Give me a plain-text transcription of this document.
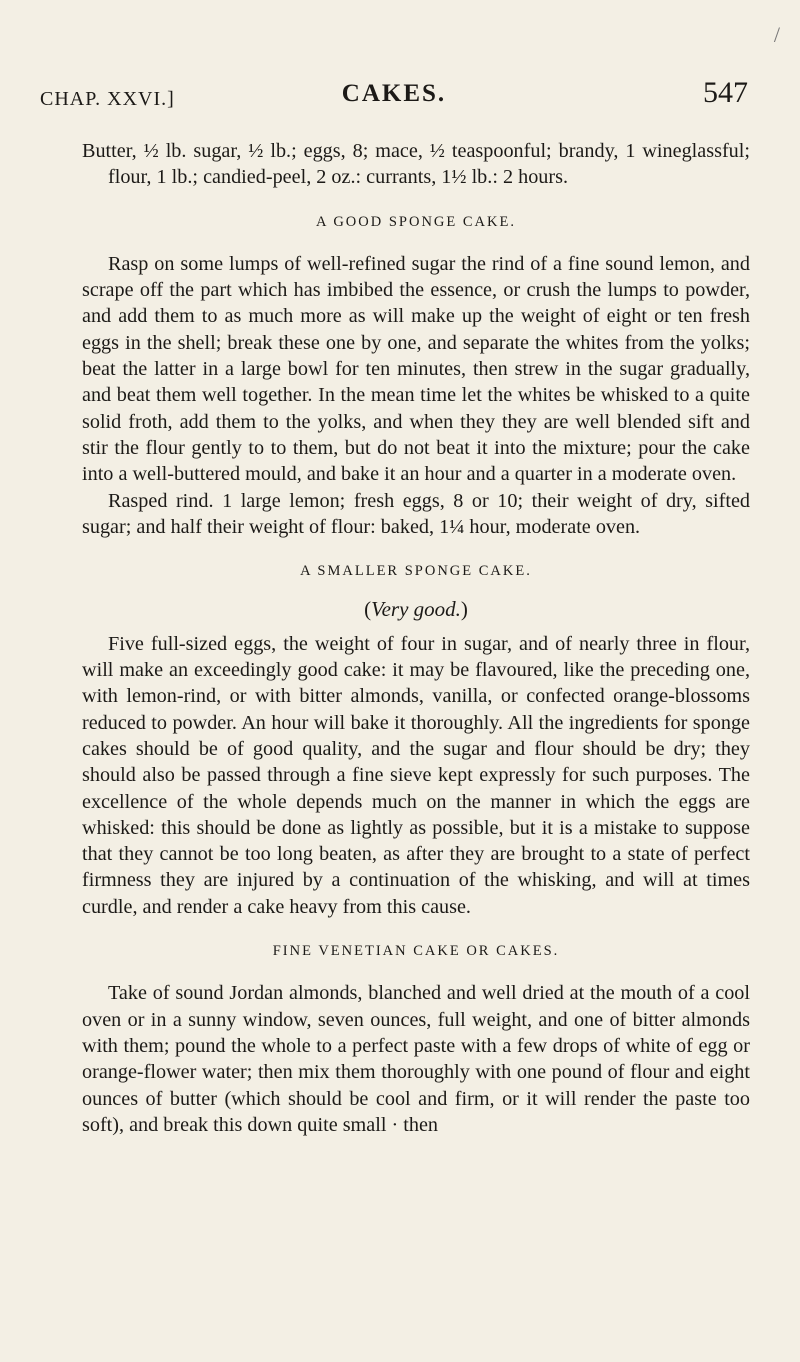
/
CHAP. XXVI.]	CAKES.	547

Butter, ½ lb. sugar, ½ lb.; eggs, 8; mace, ½ teaspoonful; brandy, 1 wineglassful; flour, 1 lb.; candied-peel, 2 oz.: currants, 1½ lb.: 2 hours.

A GOOD SPONGE CAKE.

Rasp on some lumps of well-refined sugar the rind of a fine sound lemon, and scrape off the part which has imbibed the essence, or crush the lumps to powder, and add them to as much more as will make up the weight of eight or ten fresh eggs in the shell; break these one by one, and separate the whites from the yolks; beat the latter in a large bowl for ten minutes, then strew in the sugar gradually, and beat them well together. In the mean time let the whites be whisked to a quite solid froth, add them to the yolks, and when they they are well blended sift and stir the flour gently to to them, but do not beat it into the mixture; pour the cake into a well-buttered mould, and bake it an hour and a quarter in a moderate oven.

Rasped rind. 1 large lemon; fresh eggs, 8 or 10; their weight of dry, sifted sugar; and half their weight of flour: baked, 1¼ hour, moderate oven.

A SMALLER SPONGE CAKE.
(Very good.)

Five full-sized eggs, the weight of four in sugar, and of nearly three in flour, will make an exceedingly good cake: it may be flavoured, like the preceding one, with lemon-rind, or with bitter almonds, vanilla, or confected orange-blossoms reduced to powder. An hour will bake it thoroughly. All the ingredients for sponge cakes should be of good quality, and the sugar and flour should be dry; they should also be passed through a fine sieve kept expressly for such purposes. The excellence of the whole depends much on the manner in which the eggs are whisked: this should be done as lightly as possible, but it is a mistake to suppose that they cannot be too long beaten, as after they are brought to a state of perfect firmness they are injured by a continuation of the whisking, and will at times curdle, and render a cake heavy from this cause.

FINE VENETIAN CAKE OR CAKES.

Take of sound Jordan almonds, blanched and well dried at the mouth of a cool oven or in a sunny window, seven ounces, full weight, and one of bitter almonds with them; pound the whole to a perfect paste with a few drops of white of egg or orange-flower water; then mix them thoroughly with one pound of flour and eight ounces of butter (which should be cool and firm, or it will render the paste too soft), and break this down quite small · then
